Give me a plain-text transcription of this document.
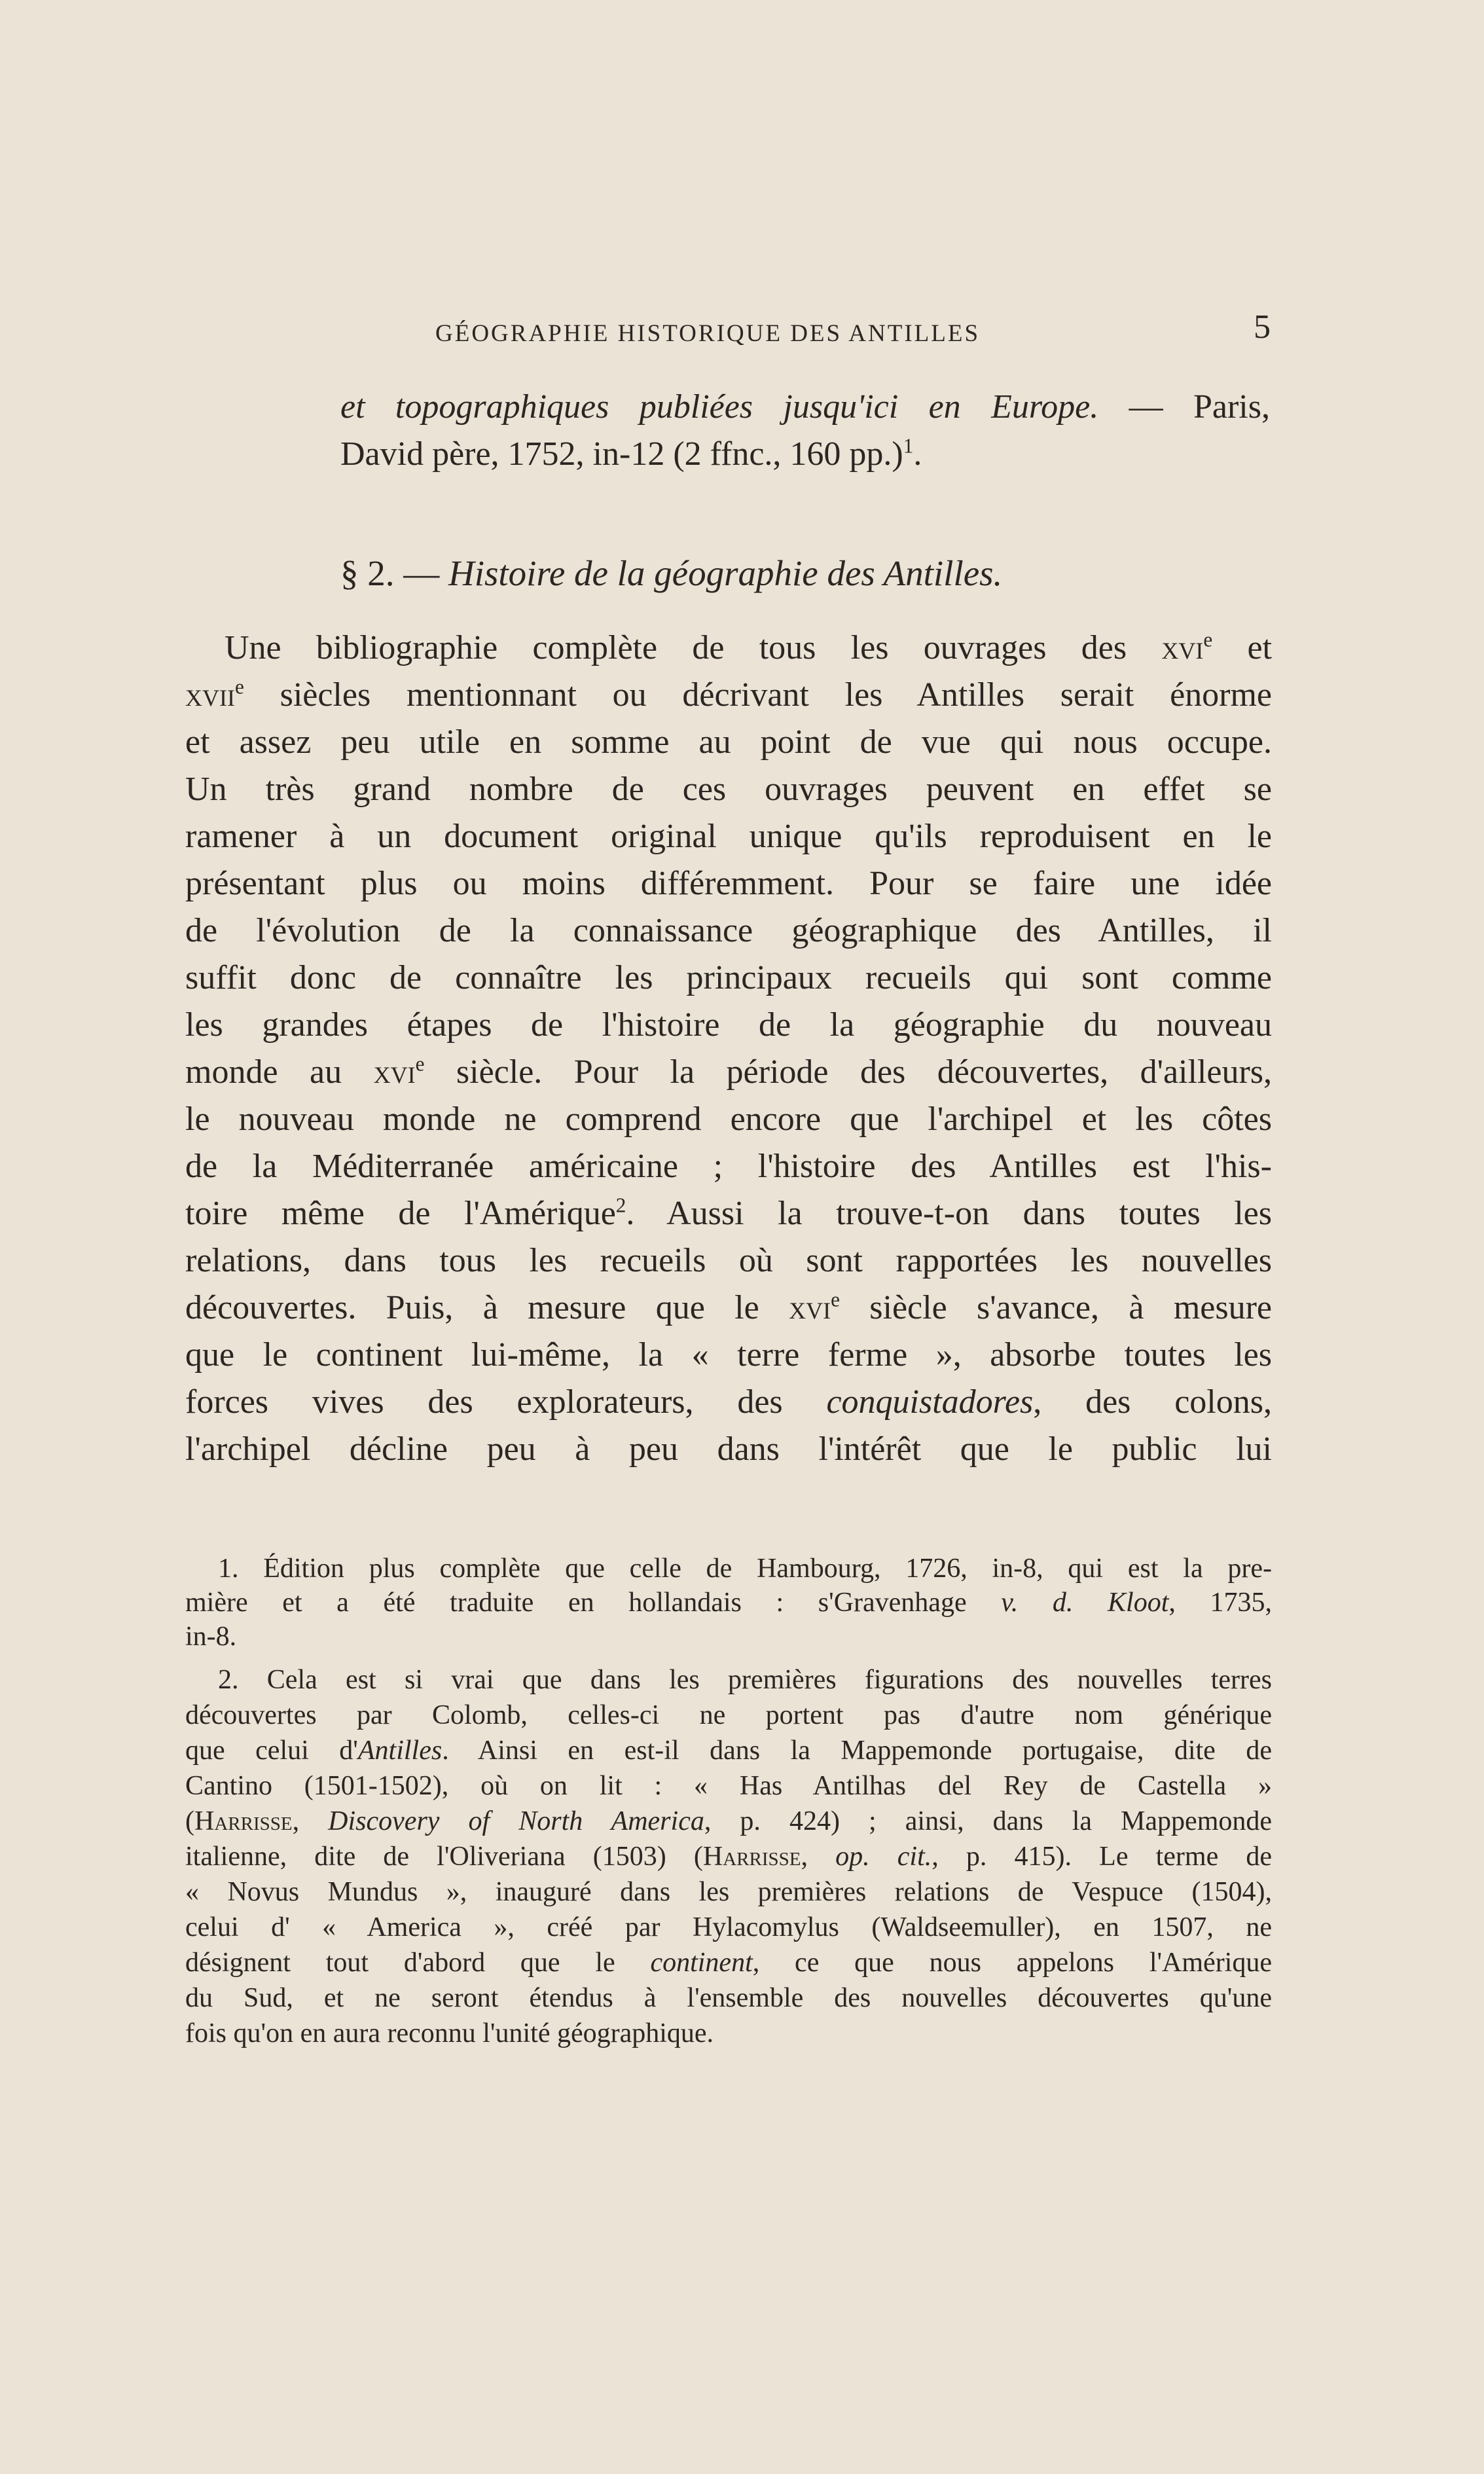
GÉOGRAPHIE HISTORIQUE DES ANTILLES	5
et topographiques publiées jusqu'ici en Europe. — Paris,
David père, 1752, in-12 (2 ffnc., 160 pp.)$^1$.
§ 2. — Histoire de la géographie des Antilles.
Une bibliographie complète de tous les ouvrages des xvi$^e$ et
xvii$^e$ siècles mentionnant ou décrivant les Antilles serait énorme
et assez peu utile en somme au point de vue qui nous occupe.
Un très grand nombre de ces ouvrages peuvent en effet se
ramener à un document original unique qu'ils reproduisent en le
présentant plus ou moins différemment. Pour se faire une idée
de l'évolution de la connaissance géographique des Antilles, il
suffit donc de connaître les principaux recueils qui sont comme
les grandes étapes de l'histoire de la géographie du nouveau
monde au xvi$^e$ siècle. Pour la période des découvertes, d'ailleurs,
le nouveau monde ne comprend encore que l'archipel et les côtes
de la Méditerranée américaine ; l'histoire des Antilles est l'his-
toire même de l'Amérique$^2$. Aussi la trouve-t-on dans toutes les
relations, dans tous les recueils où sont rapportées les nouvelles
découvertes. Puis, à mesure que le xvi$^e$ siècle s'avance, à mesure
que le continent lui-même, la « terre ferme », absorbe toutes les
forces vives des explorateurs, des conquistadores, des colons,
l'archipel décline peu à peu dans l'intérêt que le public lui
1. Édition plus complète que celle de Hambourg, 1726, in-8, qui est la pre-
mière et a été traduite en hollandais : s'Gravenhage v. d. Kloot, 1735,
in-8.
2. Cela est si vrai que dans les premières figurations des nouvelles terres
découvertes par Colomb, celles-ci ne portent pas d'autre nom générique
que celui d'Antilles. Ainsi en est-il dans la Mappemonde portugaise, dite de
Cantino (1501-1502), où on lit : « Has Antilhas del Rey de Castella »
(Harrisse, Discovery of North America, p. 424) ; ainsi, dans la Mappemonde
italienne, dite de l'Oliveriana (1503) (Harrisse, op. cit., p. 415). Le terme de
« Novus Mundus », inauguré dans les premières relations de Vespuce (1504),
celui d' « America », créé par Hylacomylus (Waldseemuller), en 1507, ne
désignent tout d'abord que le continent, ce que nous appelons l'Amérique
du Sud, et ne seront étendus à l'ensemble des nouvelles découvertes qu'une
fois qu'on en aura reconnu l'unité géographique.
